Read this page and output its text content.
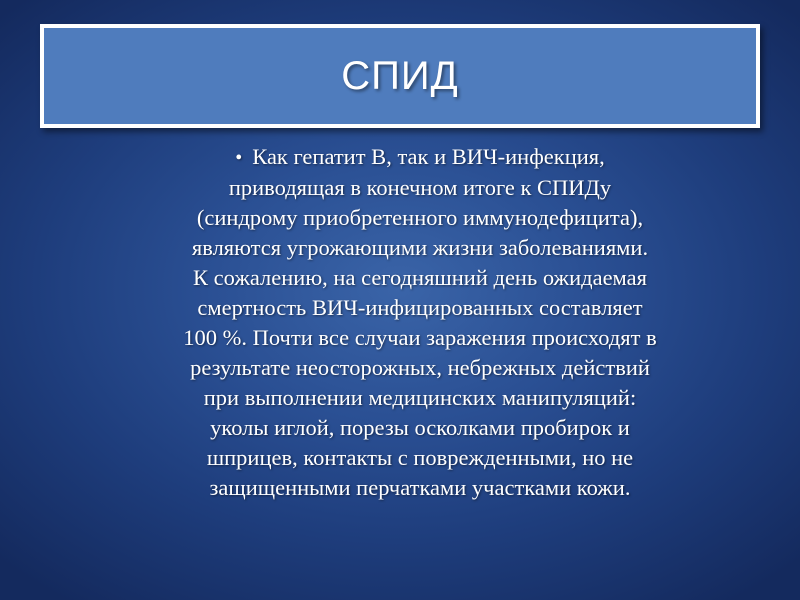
СПИД
• Как гепатит В, так и ВИЧ-инфекция,
приводящая в конечном итоге к СПИДу
(синдрому приобретенного иммунодефицита),
являются угрожающими жизни заболеваниями.
К сожалению, на сегодняшний день ожидаемая
смертность ВИЧ-инфицированных составляет
100 %. Почти все случаи заражения происходят в
результате неосторожных, небрежных действий
при выполнении медицинских манипуляций:
уколы иглой, порезы осколками пробирок и
шприцев, контакты с поврежденными, но не
защищенными перчатками участками кожи.
